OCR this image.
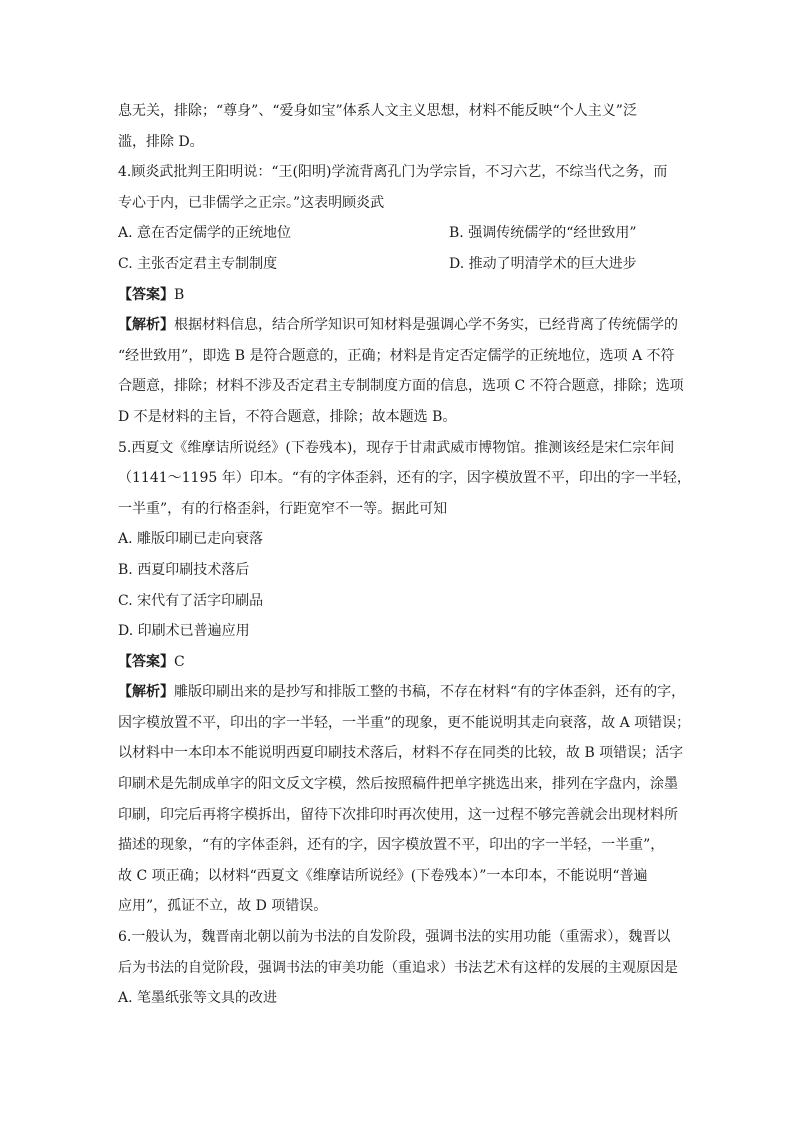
息无关，排除；“尊身”、“爱身如宝”体系人文主义思想，材料不能反映“个人主义”泛
滥，排除 D。
4.顾炎武批判王阳明说：“王(阳明)学流背离孔门为学宗旨，不习六艺，不综当代之务，而
专心于内，已非儒学之正宗。”这表明顾炎武
A. 意在否定儒学的正统地位	B. 强调传统儒学的“经世致用”
C. 主张否定君主专制制度	D. 推动了明清学术的巨大进步
【答案】B
【解析】根据材料信息，结合所学知识可知材料是强调心学不务实，已经背离了传统儒学的
“经世致用”，即选 B 是符合题意的，正确；材料是肯定否定儒学的正统地位，选项 A 不符
合题意，排除；材料不涉及否定君主专制制度方面的信息，选项 C 不符合题意，排除；选项
D 不是材料的主旨，不符合题意，排除；故本题选 B。
5.西夏文《维摩诘所说经》(下卷残本)，现存于甘肃武威市博物馆。推测该经是宋仁宗年间
（1141～1195 年）印本。“有的字体歪斜，还有的字，因字模放置不平，印出的字一半轻，
一半重”，有的行格歪斜，行距宽窄不一等。据此可知
A. 雕版印刷已走向衰落
B. 西夏印刷技术落后
C. 宋代有了活字印刷品
D. 印刷术已普遍应用
【答案】C
【解析】雕版印刷出来的是抄写和排版工整的书稿，不存在材料“有的字体歪斜，还有的字，
因字模放置不平，印出的字一半轻，一半重”的现象，更不能说明其走向衰落，故 A 项错误；
以材料中一本印本不能说明西夏印刷技术落后，材料不存在同类的比较，故 B 项错误；活字
印刷术是先制成单字的阳文反文字模，然后按照稿件把单字挑选出来，排列在字盘内，涂墨
印刷，印完后再将字模拆出，留待下次排印时再次使用，这一过程不够完善就会出现材料所
描述的现象，“有的字体歪斜，还有的字，因字模放置不平，印出的字一半轻，一半重”，
故 C 项正确；以材料“西夏文《维摩诘所说经》(下卷残本）”一本印本，不能说明“普遍
应用”，孤证不立，故 D 项错误。
6.一般认为，魏晋南北朝以前为书法的自发阶段，强调书法的实用功能（重需求），魏晋以
后为书法的自觉阶段，强调书法的审美功能（重追求）书法艺术有这样的发展的主观原因是
A. 笔墨纸张等文具的改进
